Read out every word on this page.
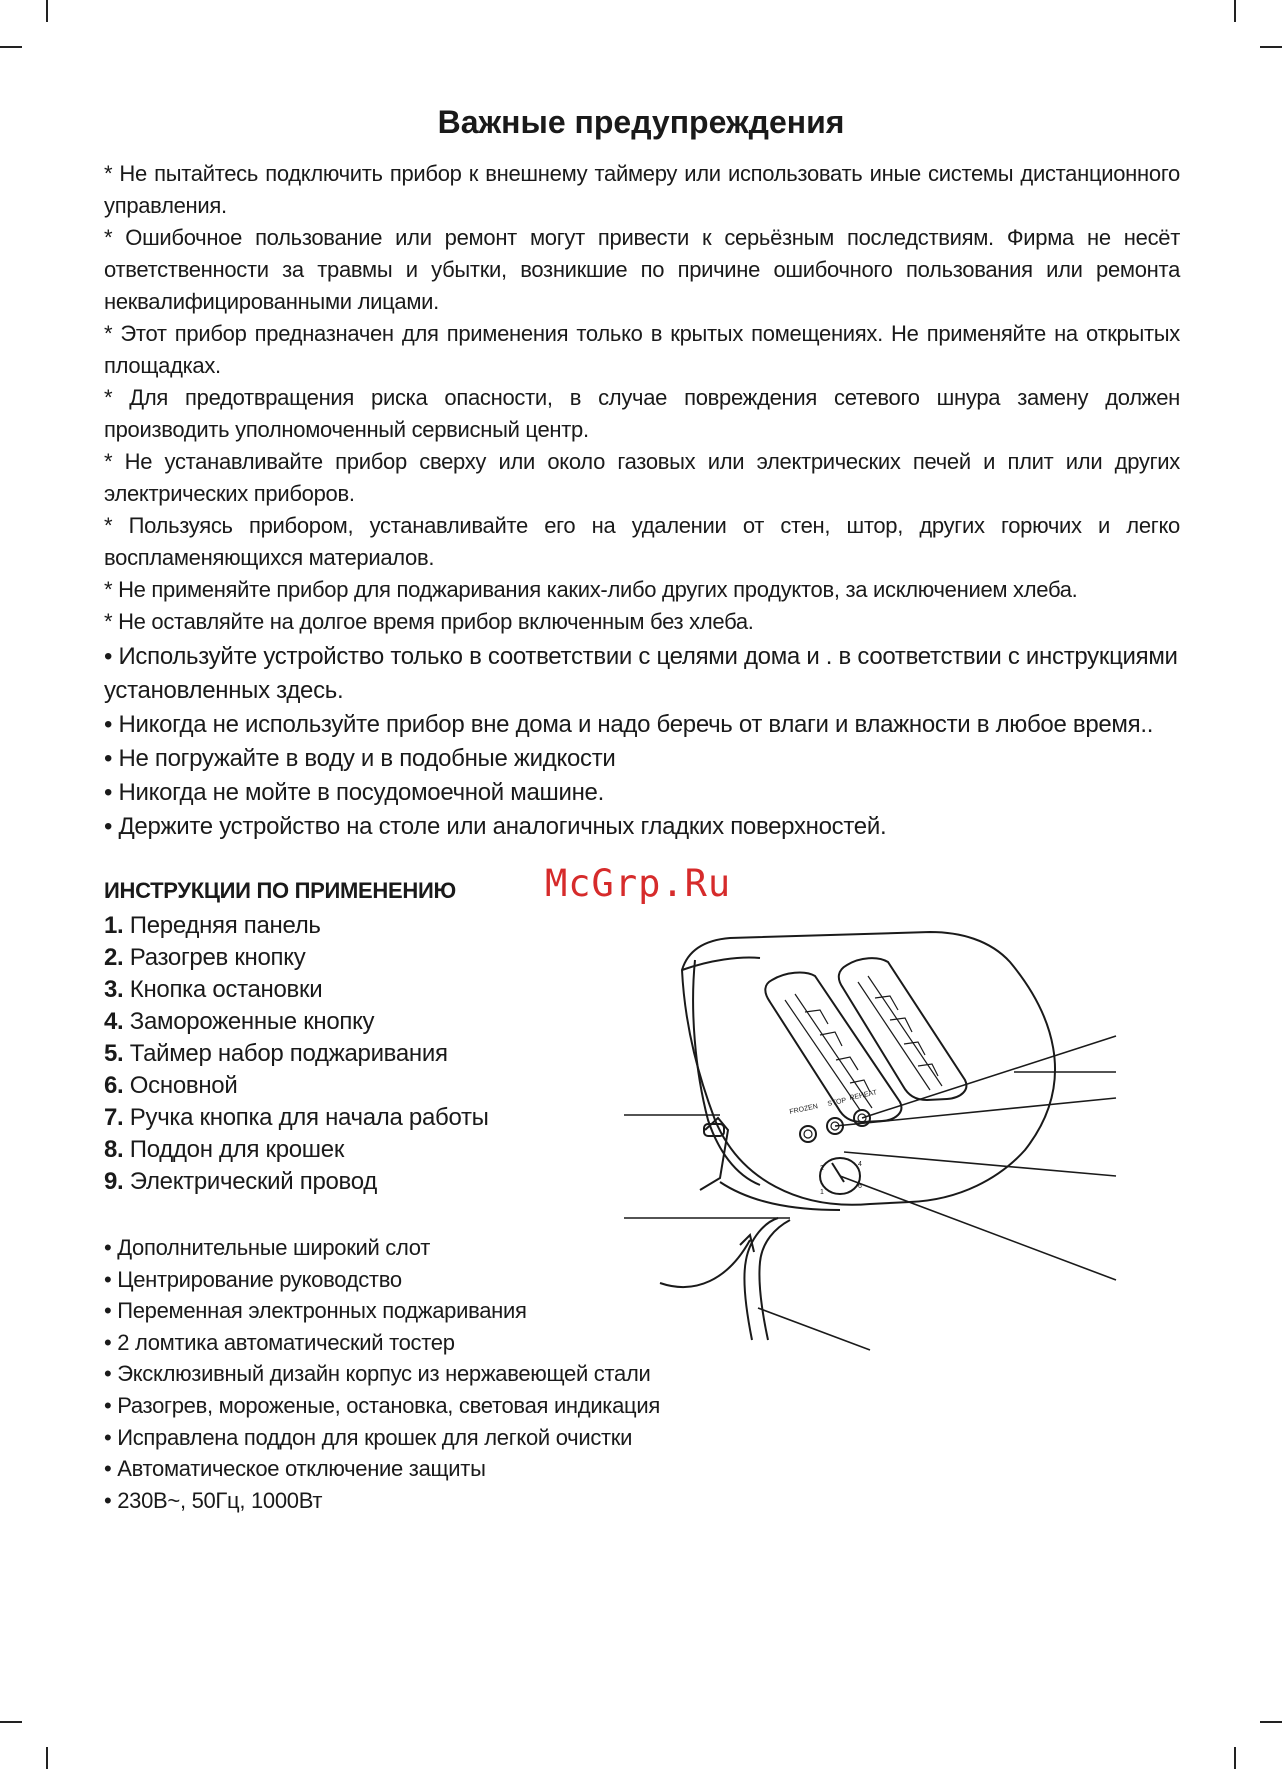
Важные предупреждения

* Не пытайтесь подключить прибор к внешнему таймеру или использовать иные системы дистанционного управления.

* Ошибочное пользование или ремонт могут привести к серьёзным последствиям. Фирма не несёт ответственности за травмы и убытки, возникшие по причине ошибочного пользования или ремонта неквалифицированными лицами.

* Этот прибор предназначен для применения только в крытых помещениях. Не применяйте на открытых площадках.

* Для предотвращения риска опасности, в случае повреждения сетевого шнура замену должен производить уполномоченный сервисный центр.

* Не устанавливайте прибор сверху или около газовых или электрических печей и плит или других электрических приборов.

* Пользуясь прибором, устанавливайте его на удалении от стен, штор, других горючих и легко воспламеняющихся материалов.

* Не применяйте прибор для поджаривания каких-либо других продуктов, за исключением хлеба.

* Не оставляйте на долгое время прибор включенным без хлеба.

• Используйте устройство только в соответствии с целями дома и . в соответствии с инструкциями установленных здесь.

• Никогда не используйте прибор вне дома и надо беречь от влаги и влажности в любое время..

• Не погружайте в воду и в подобные жидкости

• Никогда не мойте в посудомоечной машине.

• Держите устройство на столе или аналогичных гладких поверхностей.

McGrp.Ru
ИНСТРУКЦИИ ПО ПРИМЕНЕНИЮ
1. Передняя панель
2. Разогрев кнопку
3. Кнопка остановки
4. Замороженные кнопку
5. Таймер набор поджаривания
6. Основной
7. Ручка кнопка для начала работы
8. Поддон для крошек
9. Электрический провод
• Дополнительные широкий слот
• Центрирование руководство
• Переменная электронных поджаривания
• 2 ломтика автоматический тостер
• Эксклюзивный дизайн корпус из нержавеющей стали
• Разогрев, мороженые, остановка, световая индикация
• Исправлена поддон для крошек для легкой очистки
• Автоматическое отключение защиты
• 230В~, 50Гц, 1000Вт
FROZEN
STOP
REHEAT
1
2
4
6
